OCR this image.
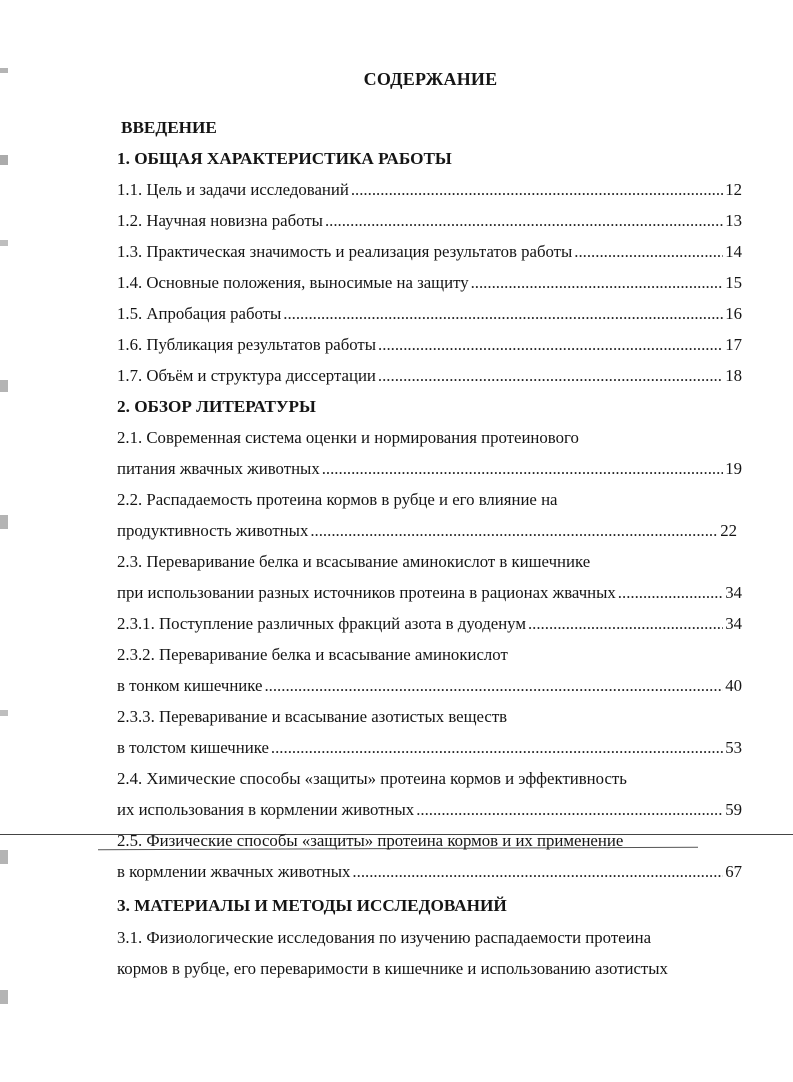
СОДЕРЖАНИЕ
ВВЕДЕНИЕ
1. ОБЩАЯ ХАРАКТЕРИСТИКА РАБОТЫ
1.1. Цель и задачи исследований .....	12
1.2. Научная новизна работы .....	13
1.3. Практическая значимость и реализация результатов работы .....	14
1.4. Основные положения, выносимые на защиту .....	15
1.5. Апробация работы .....	16
1.6. Публикация результатов работы .....	17
1.7. Объём и структура диссертации .....	18
2. ОБЗОР ЛИТЕРАТУРЫ
2.1. Современная система оценки и нормирования протеинового
питания жвачных животных .....	19
2.2. Распадаемость протеина кормов в рубце и его влияние на
продуктивность животных .....	22
2.3. Переваривание белка и всасывание аминокислот в кишечнике
при использовании разных источников протеина в рационах жвачных .....	34
2.3.1. Поступление различных фракций азота в дуоденум .....	34
2.3.2. Переваривание белка и всасывание аминокислот
в тонком кишечнике .....	40
2.3.3. Переваривание и всасывание азотистых веществ
в толстом кишечнике .....	53
2.4. Химические способы «защиты» протеина кормов и эффективность
их использования в кормлении животных .....	59
2.5. Физические способы «защиты» протеина кормов и их применение
в кормлении жвачных животных .....	67
3. МАТЕРИАЛЫ И МЕТОДЫ ИССЛЕДОВАНИЙ
3.1. Физиологические исследования по изучению распадаемости протеина
кормов в рубце, его переваримости в кишечнике и использованию азотистых
